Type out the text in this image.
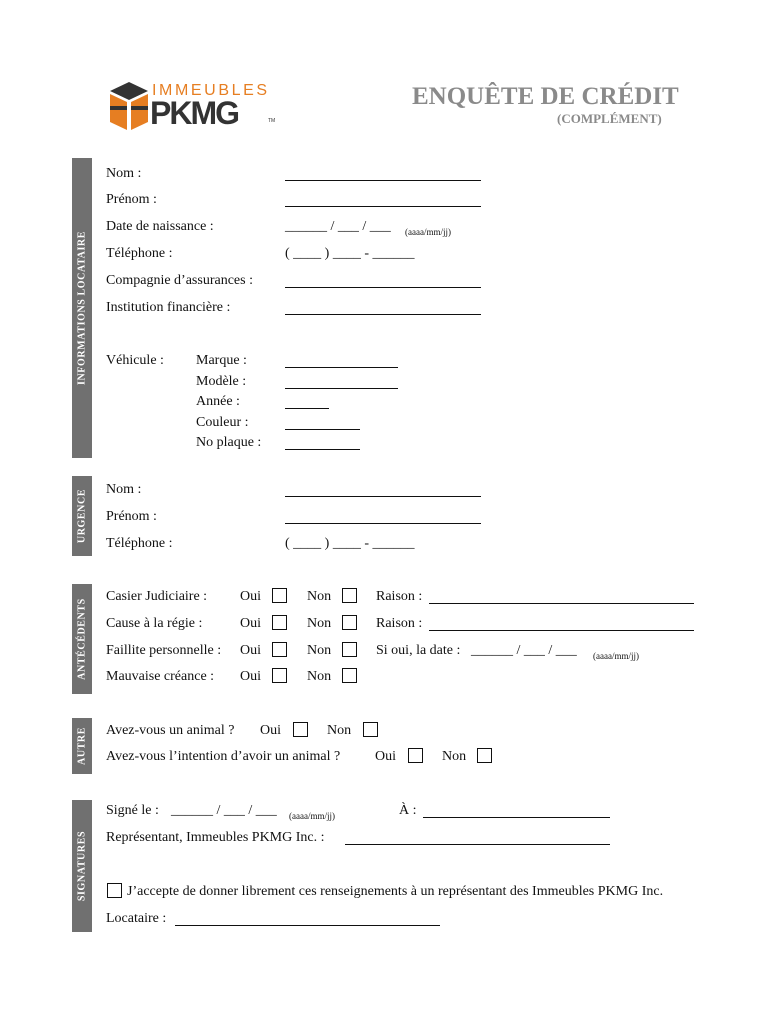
IMMEUBLES
PKMG	TM
ENQUÊTE DE CRÉDIT
(COMPLÉMENT)
INFORMATIONS LOCATAIRE
URGENCE
ANTÉCÉDENTS
AUTRE
SIGNATURES
Nom :
Prénom :
Date de naissance :	______ / ___ / ___ (aaaa/mm/jj)
Téléphone :	( ____ ) ____ - ______
Compagnie d’assurances :
Institution financière :
Véhicule : Marque :
Modèle :
Année :
Couleur :
No plaque :
Nom :
Prénom :
Téléphone :	( ____ ) ____ - ______
Casier Judiciaire : Oui	Non	Raison :
Cause à la régie :	Oui	Non	Raison :
Faillite personnelle : Oui	Non	Si oui, la date : ______ / ___ / ___ (aaaa/mm/jj)
Mauvaise créance : Oui	Non
Avez-vous un animal ? Oui	Non
Avez-vous l’intention d’avoir un animal ? Oui	Non
Signé le : ______ / ___ / ___ (aaaa/mm/jj)	À :
Représentant, Immeubles PKMG Inc. :
J’accepte de donner librement ces renseignements à un représentant des Immeubles PKMG Inc.
Locataire :
